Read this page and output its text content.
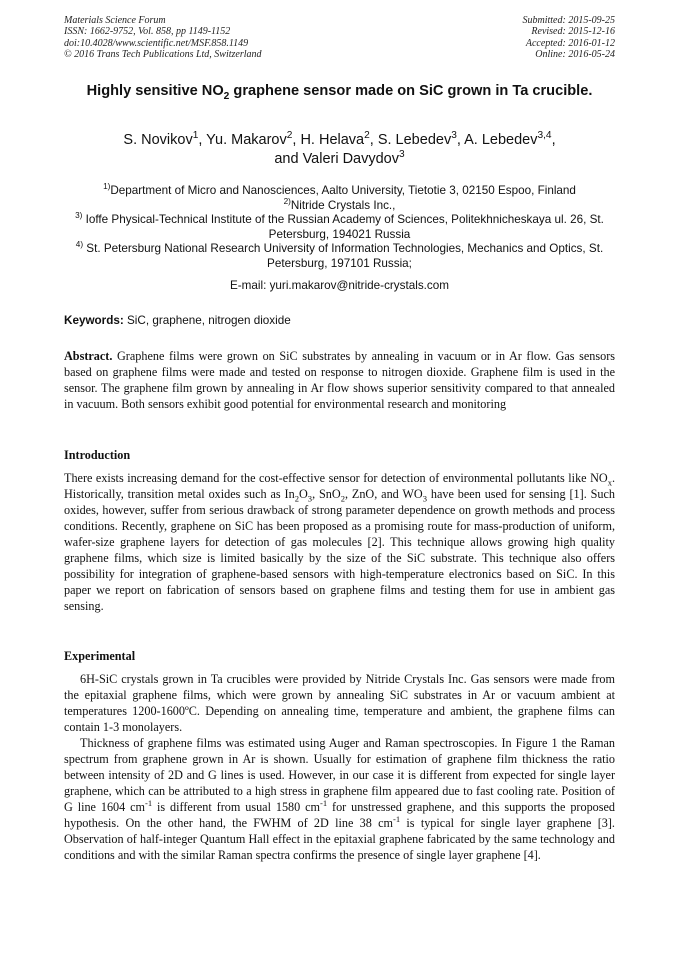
Materials Science Forum
ISSN: 1662-9752, Vol. 858, pp 1149-1152
doi:10.4028/www.scientific.net/MSF.858.1149
© 2016 Trans Tech Publications Ltd, Switzerland
Submitted: 2015-09-25
Revised: 2015-12-16
Accepted: 2016-01-12
Online: 2016-05-24
Highly sensitive $NO_2$ graphene sensor made on SiC grown in Ta crucible.
S. Novikov$^1$, Yu. Makarov$^2$, H. Helava$^2$, S. Lebedev$^3$, A. Lebedev$^{3,4}$,
and Valeri Davydov$^3$

$^{1)}$Department of Micro and Nanosciences, Aalto University, Tietotie 3, 02150 Espoo, Finland

$^{2)}$Nitride Crystals Inc.,

$^{3)}$ Ioffe Physical-Technical Institute of the Russian Academy of Sciences, Politekhnicheskaya ul. 26, St. Petersburg, 194021 Russia

$^{4)}$ St. Petersburg National Research University of Information Technologies, Mechanics and Optics, St. Petersburg, 197101 Russia;

E-mail: yuri.makarov@nitride-crystals.com
Keywords: SiC, graphene, nitrogen dioxide

Abstract. Graphene films were grown on SiC substrates by annealing in vacuum or in Ar flow. Gas sensors based on graphene films were made and tested on response to nitrogen dioxide. Graphene film is used in the sensor. The graphene film grown by annealing in Ar flow shows superior sensitivity compared to that annealed in vacuum. Both sensors exhibit good potential for environmental research and monitoring

Introduction

There exists increasing demand for the cost-effective sensor for detection of environmental pollutants like $NO_x$. Historically, transition metal oxides such as $In_2O_3$, SnO$_2$, ZnO, and $WO_3$ have been used for sensing [1]. Such oxides, however, suffer from serious drawback of strong parameter dependence on growth methods and process conditions. Recently, graphene on SiC has been proposed as a promising route for mass-production of uniform, wafer-size graphene layers for detection of gas molecules [2]. This technique allows growing high quality graphene films, which size is limited basically by the size of the SiC substrate. This technique also offers possibility for integration of graphene-based sensors with high-temperature electronics based on SiC. In this paper we report on fabrication of sensors based on graphene films and testing them for use in ambient gas sensing.

Experimental

6H-SiC crystals grown in Ta crucibles were provided by Nitride Crystals Inc. Gas sensors were made from the epitaxial graphene films, which were grown by annealing SiC substrates in Ar or vacuum ambient at temperatures 1200-1600ºC. Depending on annealing time, temperature and ambient, the graphene films can contain 1-3 monolayers.

Thickness of graphene films was estimated using Auger and Raman spectroscopies. In Figure 1 the Raman spectrum from graphene grown in Ar is shown. Usually for estimation of graphene film thickness the ratio between intensity of 2D and G lines is used. However, in our case it is different from expected for single layer graphene, which can be attributed to a high stress in graphene film appeared due to fast cooling rate. Position of G line 1604 $cm^{-1}$ is different from usual 1580 $cm^{-1}$ for unstressed graphene, and this supports the proposed hypothesis. On the other hand, the FWHM of 2D line 38 $cm^{-1}$ is typical for single layer graphene [3]. Observation of half-integer Quantum Hall effect in the epitaxial graphene fabricated by the same technology and conditions and with the similar Raman spectra confirms the presence of single layer graphene [4].
